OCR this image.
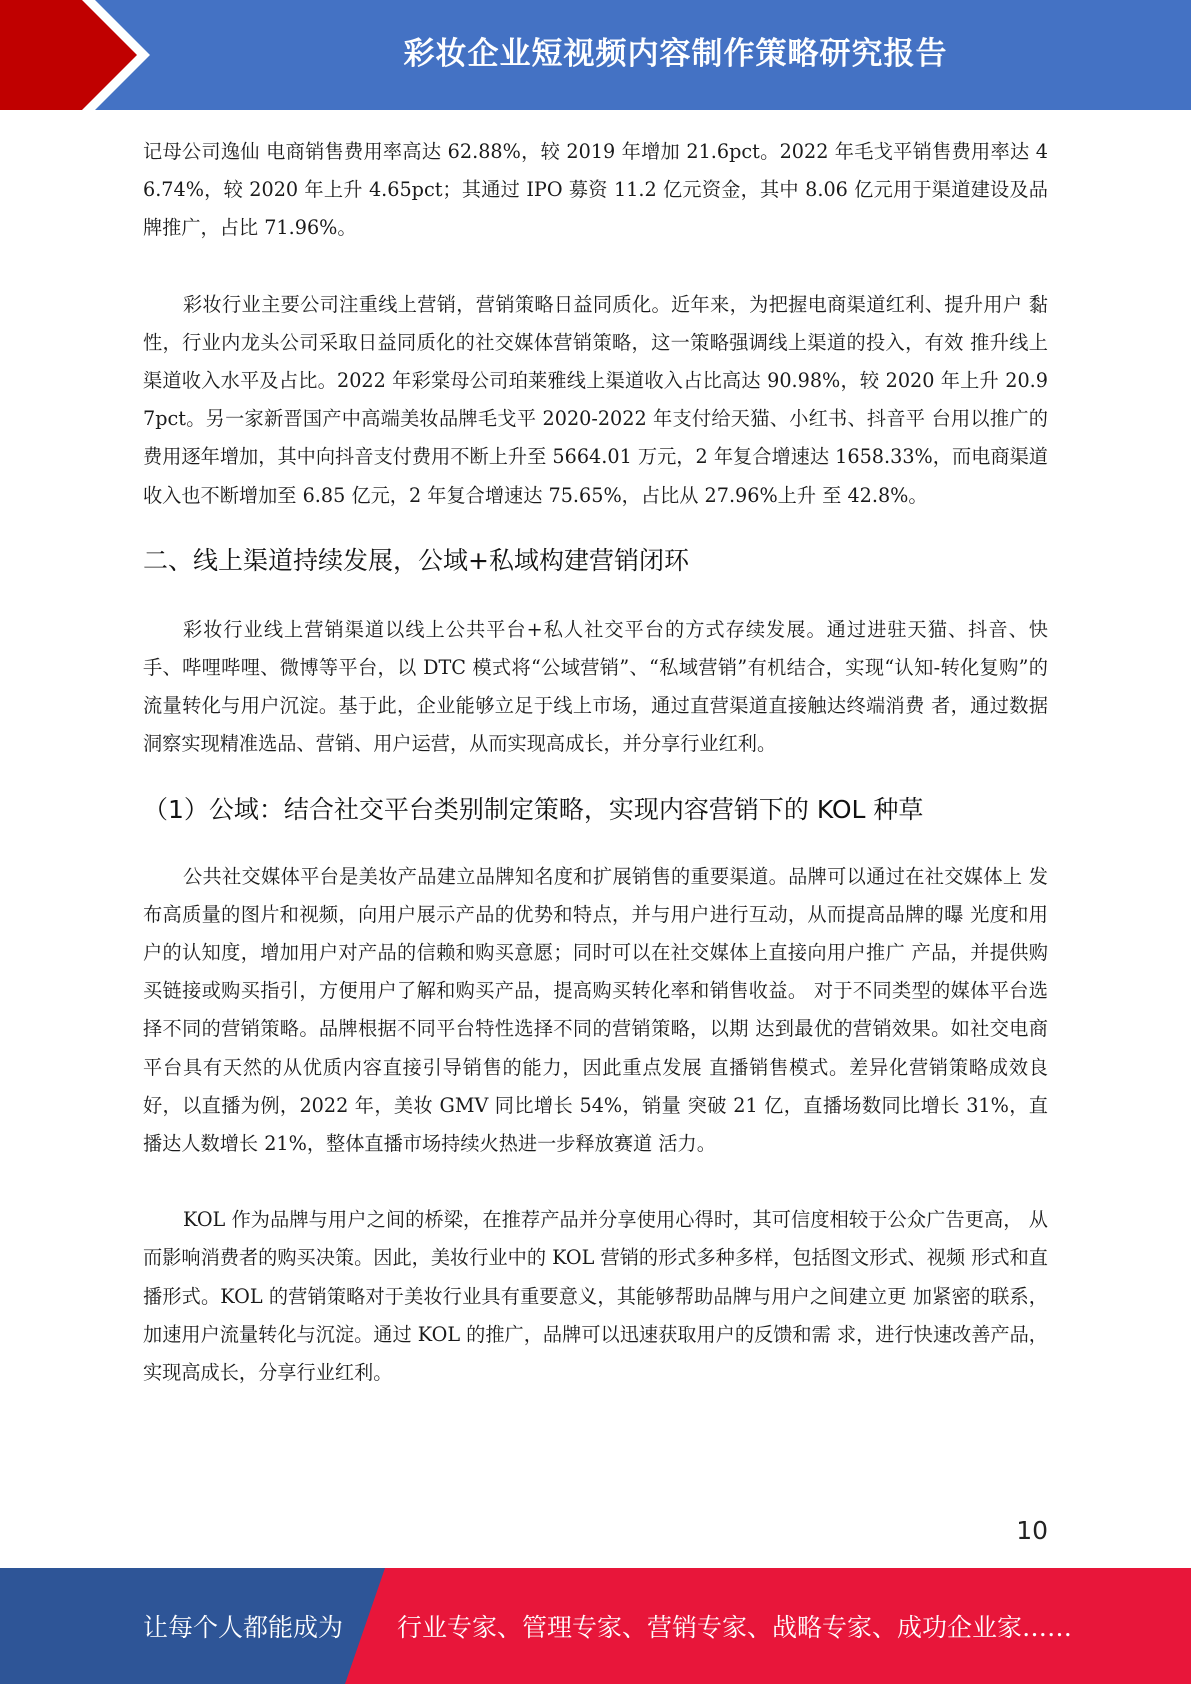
彩妆企业短视频内容制作策略研究报告

记母公司逸仙 电商销售费用率高达 62.88%，较 2019 年增加 21.6pct。2022 年毛戈平销售费用率达 46.74%，较 2020 年上升 4.65pct；其通过 IPO 募资 11.2 亿元资金，其中 8.06 亿元用于渠道建设及品牌推广，占比 71.96%。

彩妆行业主要公司注重线上营销，营销策略日益同质化。近年来，为把握电商渠道红利、提升用户 黏性，行业内龙头公司采取日益同质化的社交媒体营销策略，这一策略强调线上渠道的投入，有效 推升线上渠道收入水平及占比。2022 年彩棠母公司珀莱雅线上渠道收入占比高达 90.98%，较 2020 年上升 20.97pct。另一家新晋国产中高端美妆品牌毛戈平 2020-2022 年支付给天猫、小红书、抖音平 台用以推广的费用逐年增加，其中向抖音支付费用不断上升至 5664.01 万元，2 年复合增速达 1658.33%，而电商渠道收入也不断增加至 6.85 亿元，2 年复合增速达 75.65%，占比从 27.96%上升 至 42.8%。

二、线上渠道持续发展，公域+私域构建营销闭环

彩妆行业线上营销渠道以线上公共平台+私人社交平台的方式存续发展。通过进驻天猫、抖音、快 手、哔哩哔哩、微博等平台，以 DTC 模式将“公域营销”、“私域营销”有机结合，实现“认知-转化复购”的流量转化与用户沉淀。基于此，企业能够立足于线上市场，通过直营渠道直接触达终端消费 者，通过数据洞察实现精准选品、营销、用户运营，从而实现高成长，并分享行业红利。

（1）公域：结合社交平台类别制定策略，实现内容营销下的 KOL 种草

公共社交媒体平台是美妆产品建立品牌知名度和扩展销售的重要渠道。品牌可以通过在社交媒体上 发布高质量的图片和视频，向用户展示产品的优势和特点，并与用户进行互动，从而提高品牌的曝 光度和用户的认知度，增加用户对产品的信赖和购买意愿；同时可以在社交媒体上直接向用户推广 产品，并提供购买链接或购买指引，方便用户了解和购买产品，提高购买转化率和销售收益。 对于不同类型的媒体平台选择不同的营销策略。品牌根据不同平台特性选择不同的营销策略，以期 达到最优的营销效果。如社交电商平台具有天然的从优质内容直接引导销售的能力，因此重点发展 直播销售模式。差异化营销策略成效良好，以直播为例，2022 年，美妆 GMV 同比增长 54%，销量 突破 21 亿，直播场数同比增长 31%，直播达人数增长 21%，整体直播市场持续火热进一步释放赛道 活力。

KOL 作为品牌与用户之间的桥梁，在推荐产品并分享使用心得时，其可信度相较于公众广告更高， 从而影响消费者的购买决策。因此，美妆行业中的 KOL 营销的形式多种多样，包括图文形式、视频 形式和直播形式。KOL 的营销策略对于美妆行业具有重要意义，其能够帮助品牌与用户之间建立更 加紧密的联系，加速用户流量转化与沉淀。通过 KOL 的推广，品牌可以迅速获取用户的反馈和需 求，进行快速改善产品，实现高成长，分享行业红利。

10
让每个人都能成为 行业专家、管理专家、营销专家、战略专家、成功企业家……
